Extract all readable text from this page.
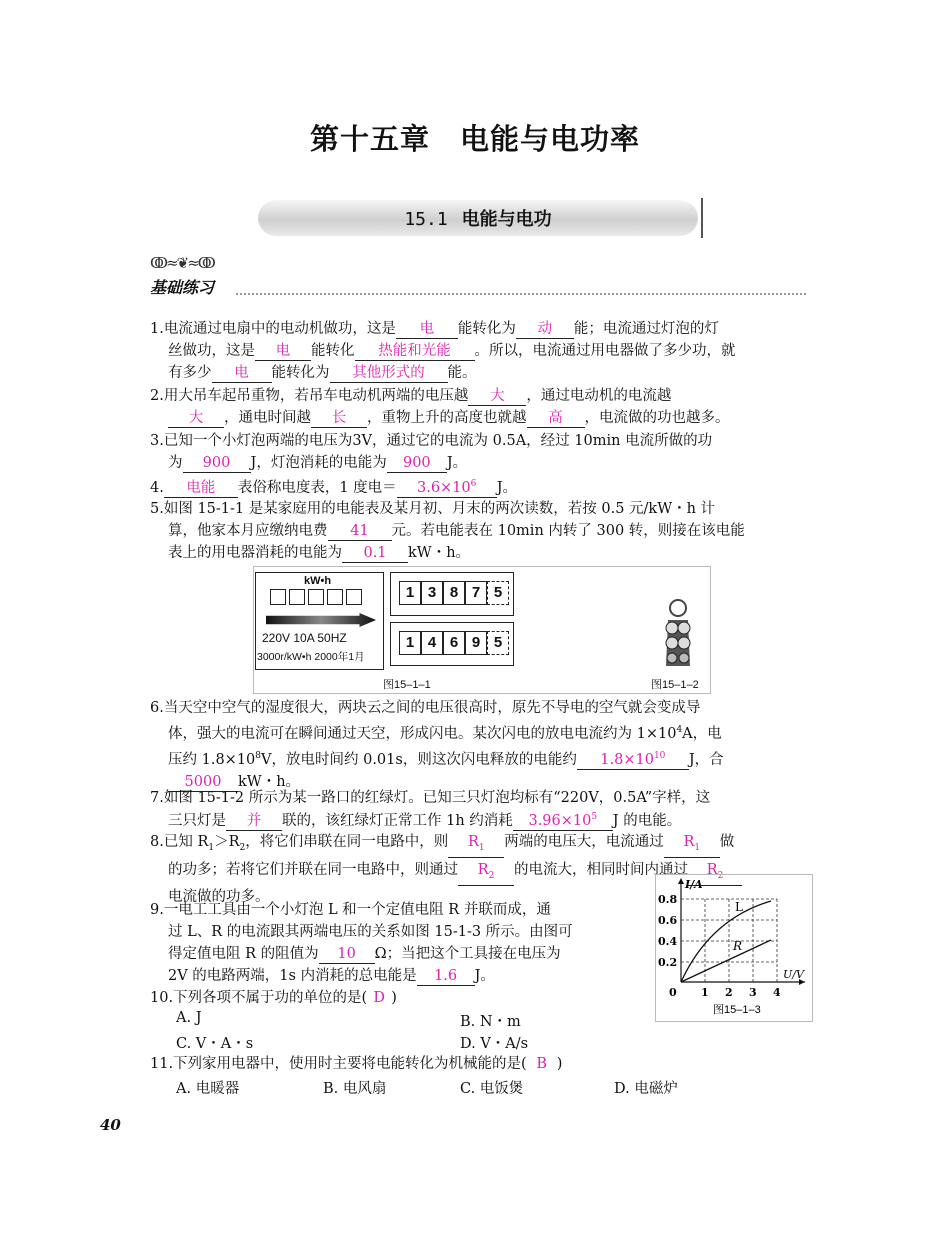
第十五章 电能与电功率
15.1 电能与电功
ↂ≈❦≈ↂ
基础练习
1.电流通过电扇中的电动机做功，这是 电 能转化为 动 能；电流通过灯泡的灯
丝做功，这是 电 能转化 热能和光能 。所以，电流通过用电器做了多少功，就
有多少 电 能转化为 其他形式的 能。
2.用大吊车起吊重物，若吊车电动机两端的电压越 大 ，通过电动机的电流越
大 ，通电时间越 长 ，重物上升的高度也就越 高 ，电流做的功也越多。
3.已知一个小灯泡两端的电压为3V，通过它的电流为 0.5A，经过 10min 电流所做的功
为 900 J，灯泡消耗的电能为 900 J。
4. 电能 表俗称电度表，1 度电＝ $3.6\times 10^6$ J。
5.如图 15-1-1 是某家庭用的电能表及某月初、月末的两次读数，若按 0.5 元/kW・h 计
算，他家本月应缴纳电费 41 元。若电能表在 10min 内转了 300 转，则接在该电能
表上的用电器消耗的电能为 0.1 kW・h。
kW•h
220V 10A 50HZ
3000r/kW•h 2000年1月
1 3 8 7 5
1 4 6 9 5
图15–1–1	图15–1–2
6.当天空中空气的湿度很大，两块云之间的电压很高时，原先不导电的空气就会变成导
体，强大的电流可在瞬间通过天空，形成闪电。某次闪电的放电电流约为 $1\times 10^4A$，电
压约 $1.8\times 10^8V$，放电时间约 0.01s，则这次闪电释放的电能约 $1.8\times 10^{10}$ J，合
5000 kW・h。
7.如图 15-1-2 所示为某一路口的红绿灯。已知三只灯泡均标有“220V，0.5A”字样，这
三只灯是 并 联的，该红绿灯正常工作 1h 约消耗 $3.96\times 10^5$ J 的电能。
8.已知 $R_1>R_2$，将它们串联在同一电路中，则 $R_1$ 两端的电压大，电流通过 $R_1$ 做
的功多；若将它们并联在同一电路中，则通过 $R_2$ 的电流大，相同时间内通过 $R_2$
电流做的功多。
9.一电工工具由一个小灯泡 L 和一个定值电阻 R 并联而成，通
过 L、R 的电流跟其两端电压的关系如图 15-1-3 所示。由图可
得定值电阻 R 的阻值为 10 Ω；当把这个工具接在电压为
2V 的电路两端，1s 内消耗的总电能是 1.6 J。
I/A
U/V
0.8
0.6
0.4
0.2
0 1 2 3 4
L
R
图15–1–3
10.下列各项不属于功的单位的是( D )
A. J	B. N・m
C. V・A・s	D. V・A/s
11.下列家用电器中，使用时主要将电能转化为机械能的是( B )
A. 电暖器	B. 电风扇	C. 电饭煲	D. 电磁炉
40
